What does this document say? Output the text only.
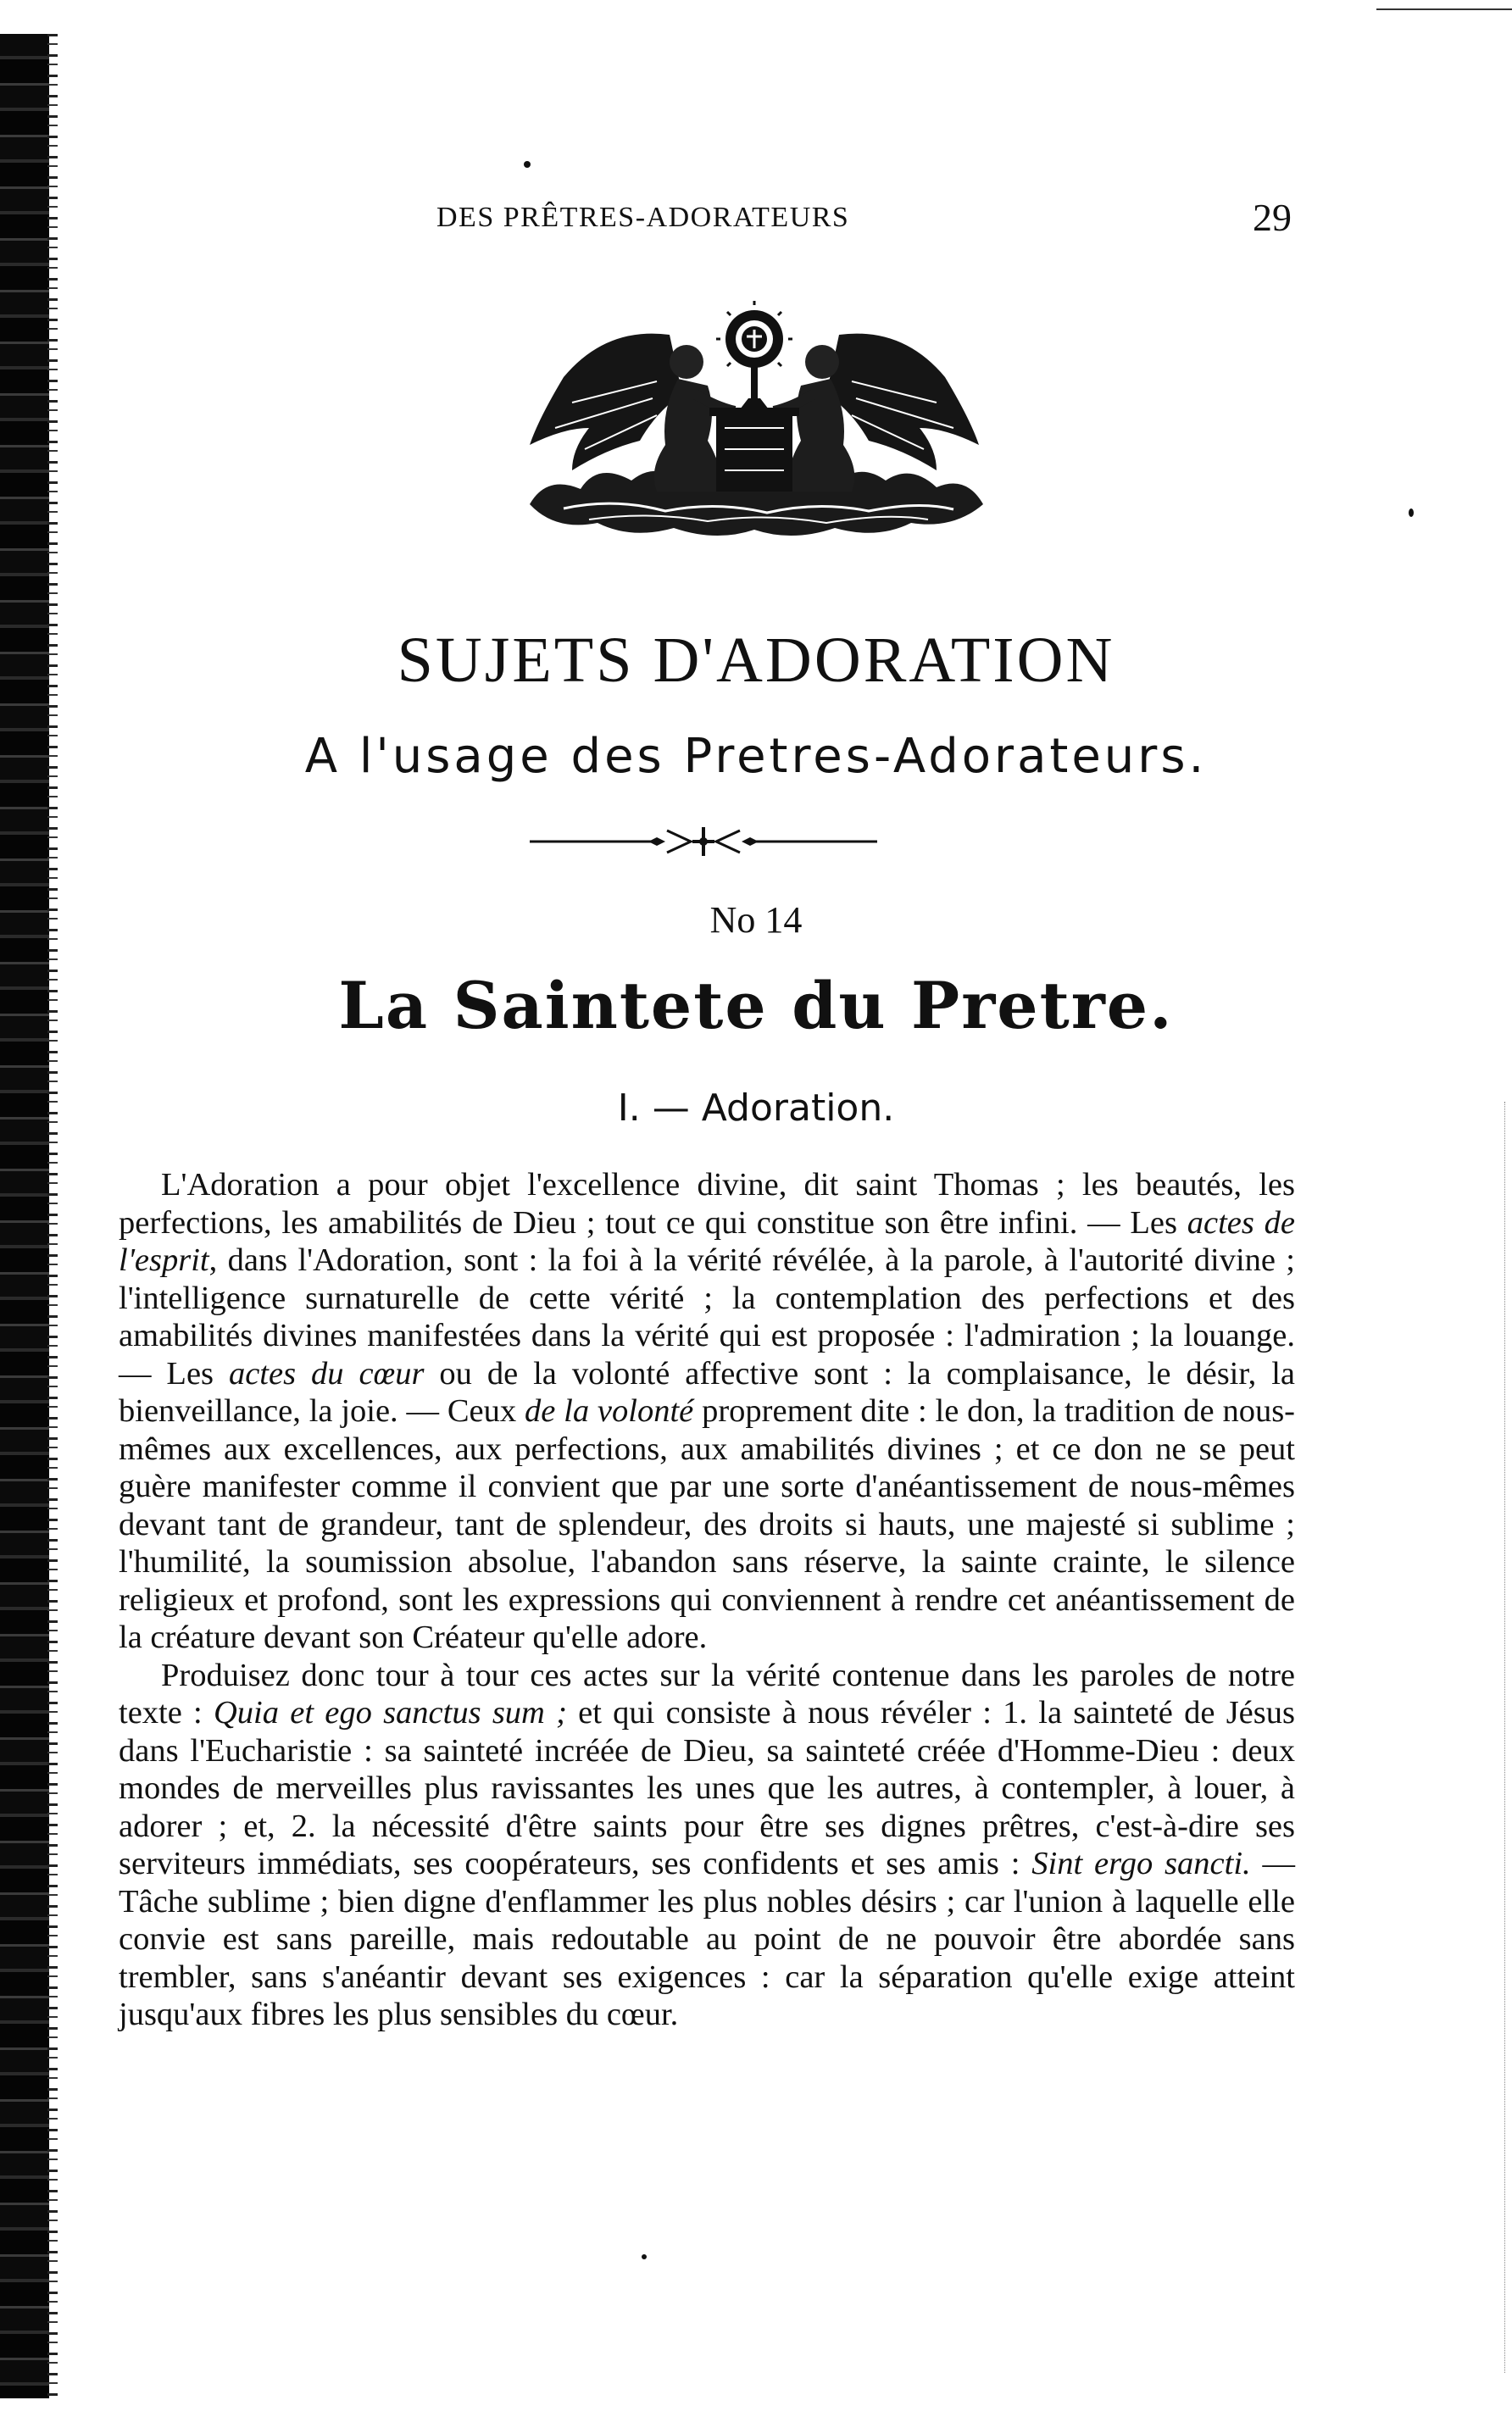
DES PRÊTRES-ADORATEURS	29
SUJETS D'ADORATION
A l'usage des Pretres-Adorateurs.
No 14
La Saintete du Pretre.
I. — Adoration.

L'Adoration a pour objet l'excellence divine, dit saint Thomas ; les beautés, les perfections, les amabilités de Dieu ; tout ce qui constitue son être infini. — Les actes de l'esprit, dans l'Adoration, sont : la foi à la vérité révélée, à la parole, à l'autorité divine ; l'intelligence surnaturelle de cette vérité ; la contemplation des perfections et des amabilités divines manifestées dans la vérité qui est proposée : l'admiration ; la louange. — Les actes du cœur ou de la volonté affective sont : la complaisance, le désir, la bienveillance, la joie. — Ceux de la volonté proprement dite : le don, la tradition de nous-mêmes aux excellences, aux perfections, aux amabilités divines ; et ce don ne se peut guère manifester comme il convient que par une sorte d'anéantissement de nous-mêmes devant tant de grandeur, tant de splendeur, des droits si hauts, une majesté si sublime ; l'humilité, la soumission absolue, l'abandon sans réserve, la sainte crainte, le silence religieux et profond, sont les expressions qui conviennent à rendre cet anéantissement de la créature devant son Créateur qu'elle adore.

Produisez donc tour à tour ces actes sur la vérité contenue dans les paroles de notre texte : Quia et ego sanctus sum ; et qui consiste à nous révéler : 1. la sainteté de Jésus dans l'Eucharistie : sa sainteté incréée de Dieu, sa sainteté créée d'Homme-Dieu : deux mondes de merveilles plus ravissantes les unes que les autres, à contempler, à louer, à adorer ; et, 2. la nécessité d'être saints pour être ses dignes prêtres, c'est-à-dire ses serviteurs immédiats, ses coopérateurs, ses confidents et ses amis : Sint ergo sancti. — Tâche sublime ; bien digne d'enflammer les plus nobles désirs ; car l'union à laquelle elle convie est sans pareille, mais redoutable au point de ne pouvoir être abordée sans trembler, sans s'anéantir devant ses exigences : car la séparation qu'elle exige atteint jusqu'aux fibres les plus sensibles du cœur.
